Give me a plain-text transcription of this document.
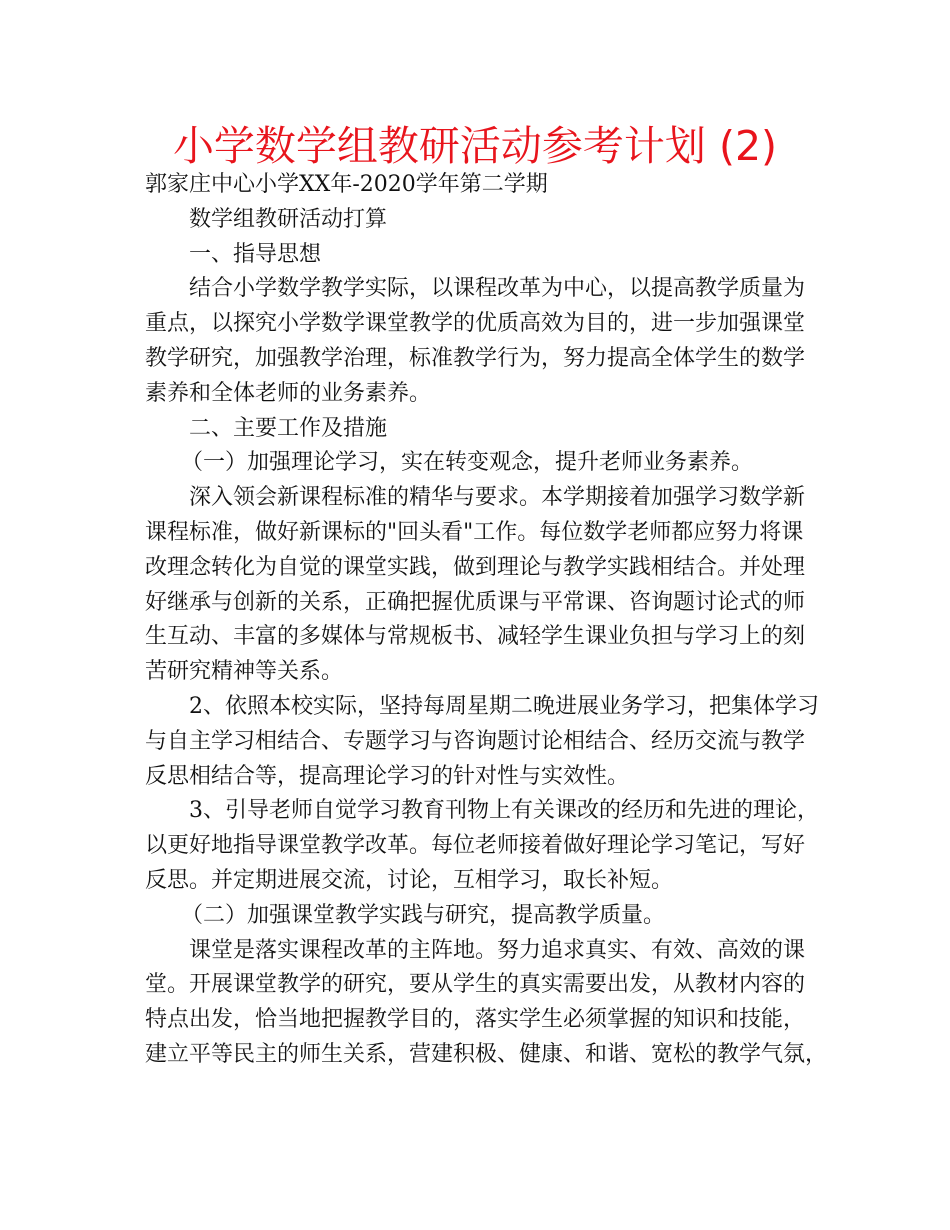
小学数学组教研活动参考计划 (2)

郭家庄中心小学XX年-2020学年第二学期

数学组教研活动打算

一、指导思想

结合小学数学教学实际，以课程改革为中心，以提高教学质量为

重点，以探究小学数学课堂教学的优质高效为目的，进一步加强课堂

教学研究，加强教学治理，标准教学行为，努力提高全体学生的数学

素养和全体老师的业务素养。

二、主要工作及措施

（一）加强理论学习，实在转变观念，提升老师业务素养。

深入领会新课程标准的精华与要求。本学期接着加强学习数学新

课程标准，做好新课标的"回头看"工作。每位数学老师都应努力将课

改理念转化为自觉的课堂实践，做到理论与教学实践相结合。并处理

好继承与创新的关系，正确把握优质课与平常课、咨询题讨论式的师

生互动、丰富的多媒体与常规板书、减轻学生课业负担与学习上的刻

苦研究精神等关系。

2、依照本校实际，坚持每周星期二晚进展业务学习，把集体学习

与自主学习相结合、专题学习与咨询题讨论相结合、经历交流与教学

反思相结合等，提高理论学习的针对性与实效性。

3、引导老师自觉学习教育刊物上有关课改的经历和先进的理论，

以更好地指导课堂教学改革。每位老师接着做好理论学习笔记，写好

反思。并定期进展交流，讨论，互相学习，取长补短。

（二）加强课堂教学实践与研究，提高教学质量。

课堂是落实课程改革的主阵地。努力追求真实、有效、高效的课

堂。开展课堂教学的研究，要从学生的真实需要出发，从教材内容的

特点出发，恰当地把握教学目的，落实学生必须掌握的知识和技能，

建立平等民主的师生关系，营建积极、健康、和谐、宽松的教学气氛，
